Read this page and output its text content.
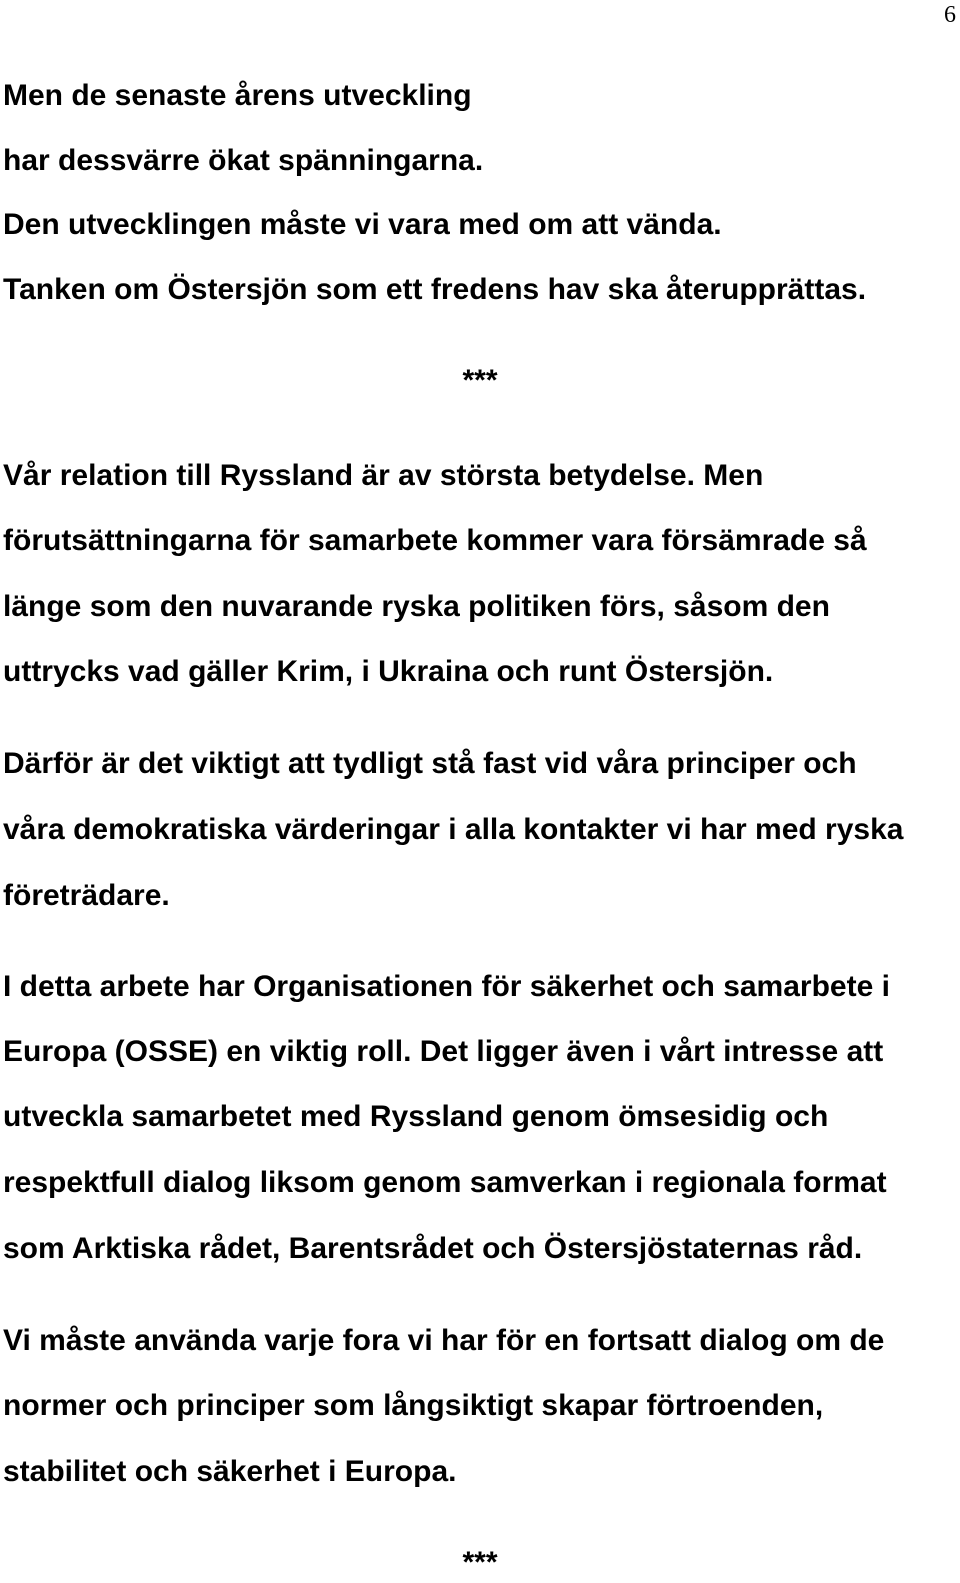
6
Men de senaste årens utveckling
har dessvärre ökat spänningarna.
Den utvecklingen måste vi vara med om att vända.
Tanken om Östersjön som ett fredens hav ska återupprättas.
***
Vår relation till Ryssland är av största betydelse. Men
förutsättningarna för samarbete kommer vara försämrade så
länge som den nuvarande ryska politiken förs, såsom den
uttrycks vad gäller Krim, i Ukraina och runt Östersjön.
Därför är det viktigt att tydligt stå fast vid våra principer och
våra demokratiska värderingar i alla kontakter vi har med ryska
företrädare.
I detta arbete har Organisationen för säkerhet och samarbete i
Europa (OSSE) en viktig roll. Det ligger även i vårt intresse att
utveckla samarbetet med Ryssland genom ömsesidig och
respektfull dialog liksom genom samverkan i regionala format
som Arktiska rådet, Barentsrådet och Östersjöstaternas råd.
Vi måste använda varje fora vi har för en fortsatt dialog om de
normer och principer som långsiktigt skapar förtroenden,
stabilitet och säkerhet i Europa.
***
